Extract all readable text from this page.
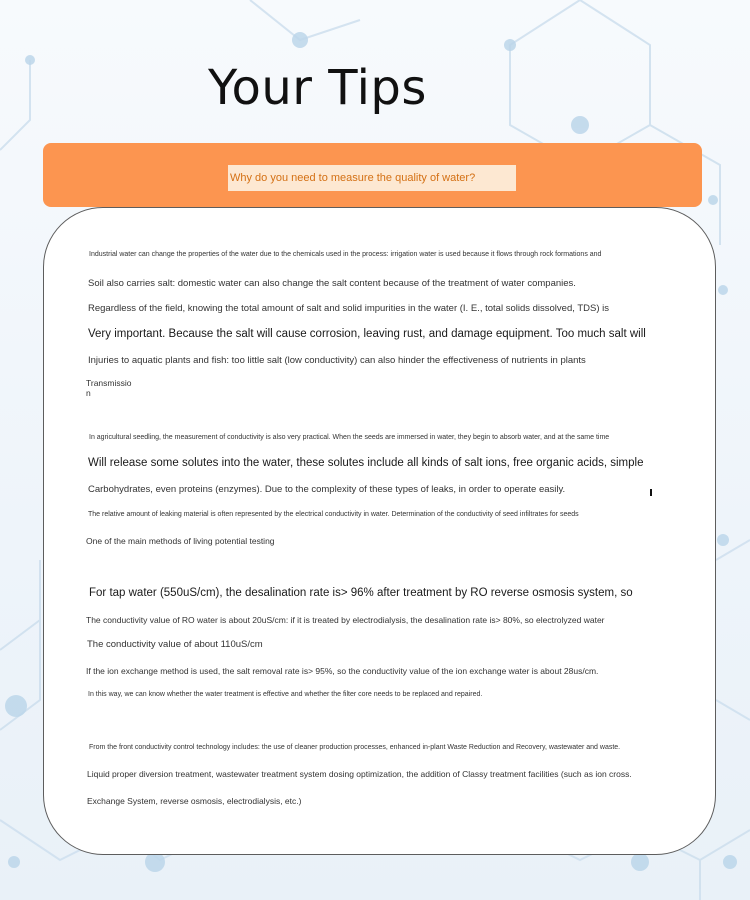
Your Tips
Why do you need to measure the quality of water?
Industrial water can change the properties of the water due to the chemicals used in the process: irrigation water is used because it flows through rock formations and
Soil also carries salt: domestic water can also change the salt content because of the treatment of water companies.
Regardless of the field, knowing the total amount of salt and solid impurities in the water (I. E., total solids dissolved, TDS) is
Very important. Because the salt will cause corrosion, leaving rust, and damage equipment. Too much salt will
Injuries to aquatic plants and fish: too little salt (low conductivity) can also hinder the effectiveness of nutrients in plants
Transmission
In agricultural seedling, the measurement of conductivity is also very practical. When the seeds are immersed in water, they begin to absorb water, and at the same time
Will release some solutes into the water, these solutes include all kinds of salt ions, free organic acids, simple
Carbohydrates, even proteins (enzymes). Due to the complexity of these types of leaks, in order to operate easily.
The relative amount of leaking material is often represented by the electrical conductivity in water. Determination of the conductivity of seed infiltrates for seeds
One of the main methods of living potential testing
For tap water (550uS/cm), the desalination rate is> 96% after treatment by RO reverse osmosis system, so
The conductivity value of RO water is about 20uS/cm: if it is treated by electrodialysis, the desalination rate is> 80%, so electrolyzed water
The conductivity value of about 110uS/cm
If the ion exchange method is used, the salt removal rate is> 95%, so the conductivity value of the ion exchange water is about 28us/cm.
In this way, we can know whether the water treatment is effective and whether the filter core needs to be replaced and repaired.
From the front conductivity control technology includes: the use of cleaner production processes, enhanced in-plant Waste Reduction and Recovery, wastewater and waste.
Liquid proper diversion treatment, wastewater treatment system dosing optimization, the addition of Classy treatment facilities (such as ion cross.
Exchange System, reverse osmosis, electrodialysis, etc.)
